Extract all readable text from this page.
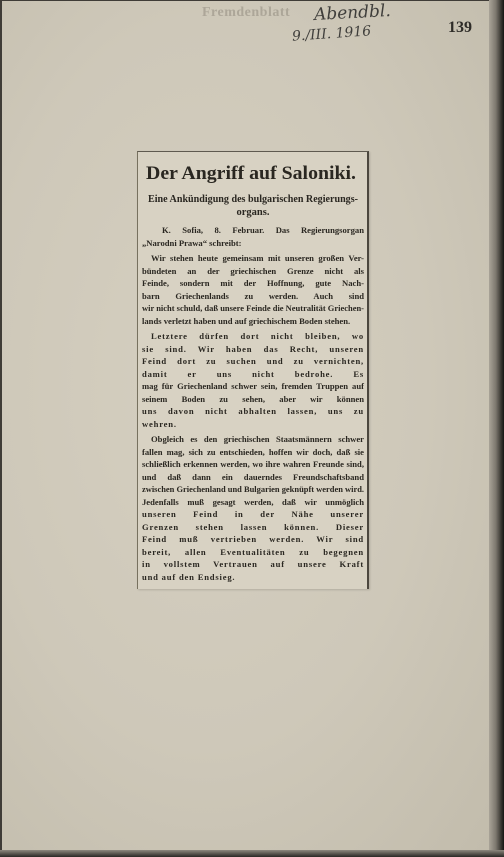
Fremdenblatt Abendbl.
9./III. 1916	139
Der Angriff auf Saloniki.
Eine Ankündigung des bulgarischen Regierungs-
organs.
K. Sofia, 8. Februar. Das Regierungsorgan
„Narodni Prawa“ schreibt:
Wir stehen heute gemeinsam mit unseren großen Ver-
bündeten an der griechischen Grenze nicht als
Feinde, sondern mit der Hoffnung, gute Nach-
barn Griechenlands zu werden. Auch sind
wir nicht schuld, daß unsere Feinde die Neutralität Griechen-
lands verletzt haben und auf griechischem Boden stehen.
Letztere dürfen dort nicht bleiben, wo
sie sind. Wir haben das Recht, unseren
Feind dort zu suchen und zu vernichten,
damit er uns nicht bedrohe. Es
mag für Griechenland schwer sein, fremden Truppen auf
seinem Boden zu sehen, aber wir können
uns davon nicht abhalten lassen, uns zu
wehren.
Obgleich es den griechischen Staatsmännern schwer
fallen mag, sich zu entschieden, hoffen wir doch, daß sie
schließlich erkennen werden, wo ihre wahren Freunde sind,
und daß dann ein dauerndes Freundschaftsband
zwischen Griechenland und Bulgarien geknüpft werden wird.
Jedenfalls muß gesagt werden, daß wir unmöglich
unseren Feind in der Nähe unserer
Grenzen stehen lassen können. Dieser
Feind muß vertrieben werden. Wir sind
bereit, allen Eventualitäten zu begegnen
in vollstem Vertrauen auf unsere Kraft
und auf den Endsieg.
